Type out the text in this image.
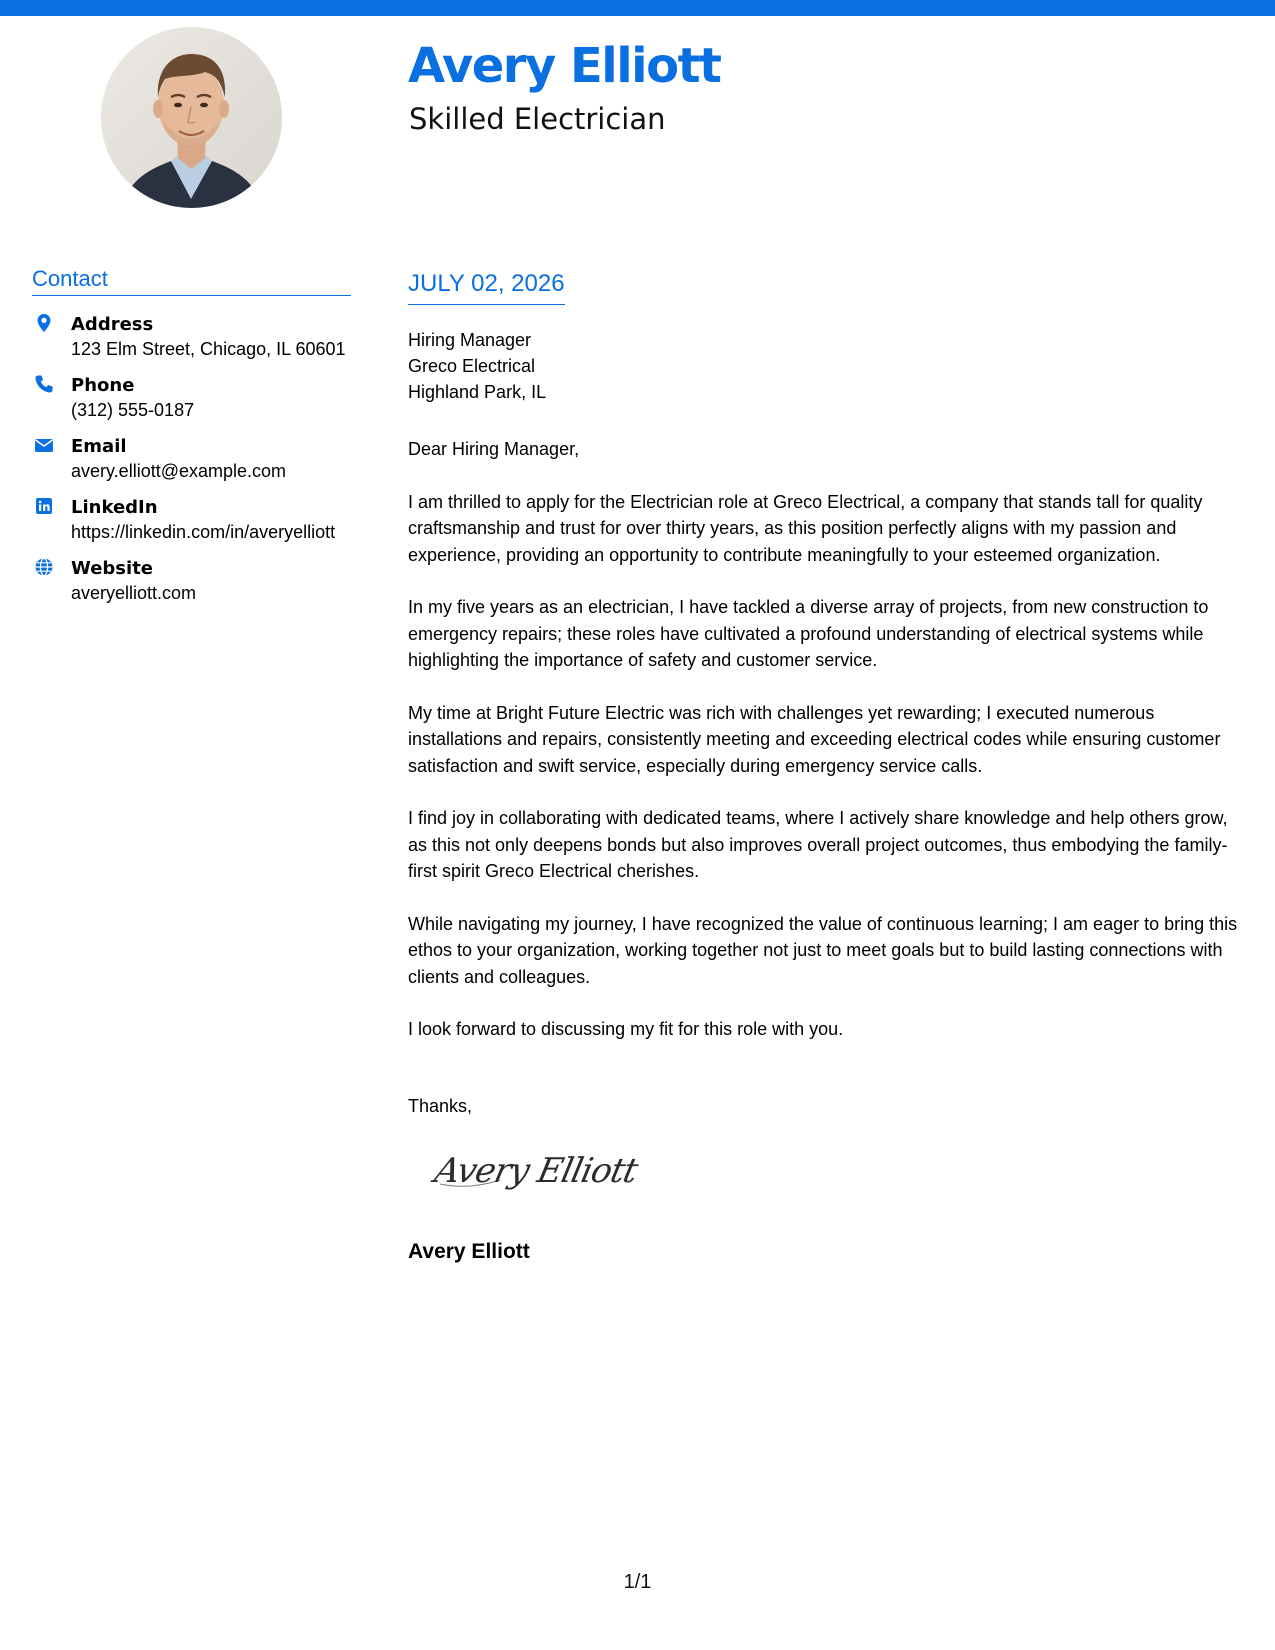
Avery Elliott
Skilled Electrician
Contact
Address
123 Elm Street, Chicago, IL 60601
Phone
(312) 555-0187
Email
avery.elliott@example.com
LinkedIn
https://linkedin.com/in/averyelliott
Website
averyelliott.com
JULY 02, 2026
Hiring Manager
Greco Electrical
Highland Park, IL

Dear Hiring Manager,

I am thrilled to apply for the Electrician role at Greco Electrical, a company that stands tall for quality craftsmanship and trust for over thirty years, as this position perfectly aligns with my passion and experience, providing an opportunity to contribute meaningfully to your esteemed organization.

In my five years as an electrician, I have tackled a diverse array of projects, from new construction to emergency repairs; these roles have cultivated a profound understanding of electrical systems while highlighting the importance of safety and customer service.

My time at Bright Future Electric was rich with challenges yet rewarding; I executed numerous installations and repairs, consistently meeting and exceeding electrical codes while ensuring customer satisfaction and swift service, especially during emergency service calls.

I find joy in collaborating with dedicated teams, where I actively share knowledge and help others grow, as this not only deepens bonds but also improves overall project outcomes, thus embodying the family-first spirit Greco Electrical cherishes.

While navigating my journey, I have recognized the value of continuous learning; I am eager to bring this ethos to your organization, working together not just to meet goals but to build lasting connections with clients and colleagues.

I look forward to discussing my fit for this role with you.

Thanks,
Avery Elliott
Avery Elliott
1/1
